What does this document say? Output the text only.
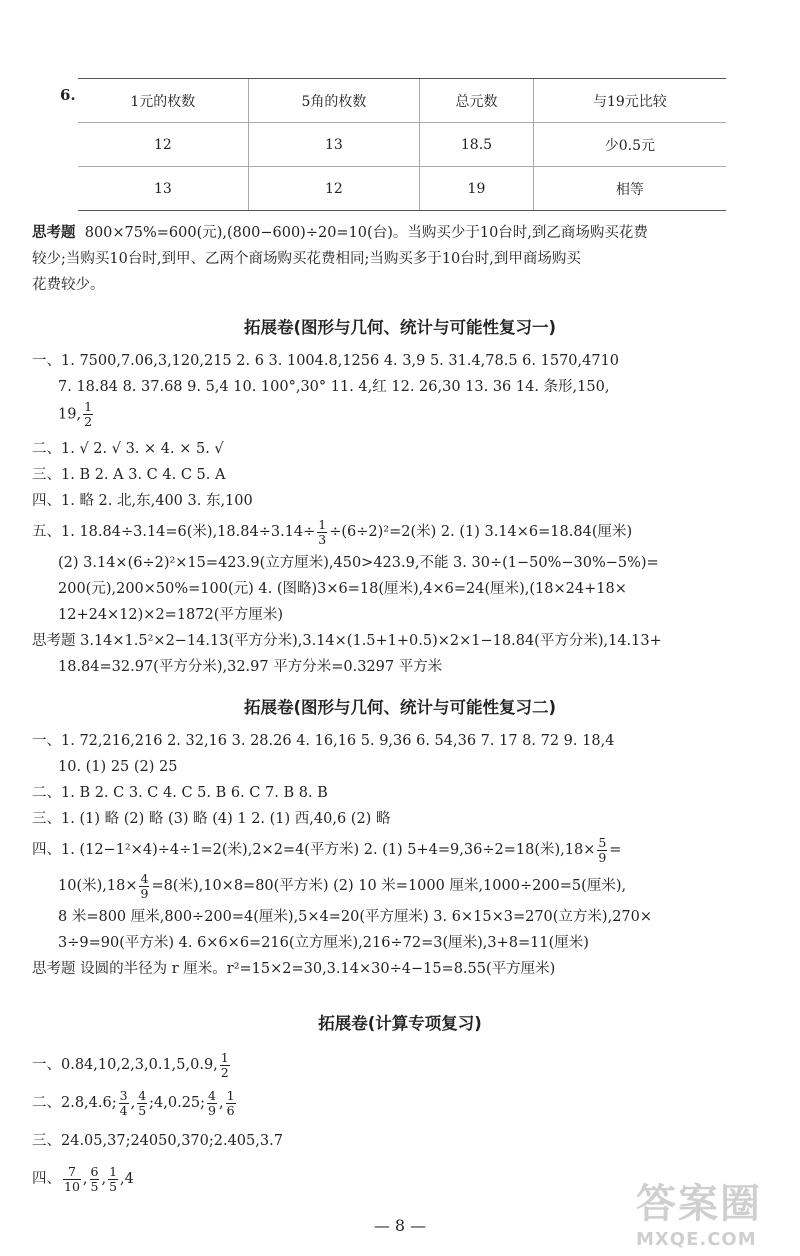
6.	1元的枚数	5角的枚数	总元数	与19元比较
12	13	18.5	少0.5元
13	12	19	相等
思考题 800×75%=600(元),(800−600)÷20=10(台)。当购买少于10台时,到乙商场购买花费
较少;当购买10台时,到甲、乙两个商场购买花费相同;当购买多于10台时,到甲商场购买
花费较少。
拓展卷(图形与几何、统计与可能性复习一)
一、1. 7500,7.06,3,120,215 2. 6 3. 1004.8,1256 4. 3,9 5. 31.4,78.5 6. 1570,4710
7. 18.84 8. 37.68 9. 5,4 10. 100°,30° 11. 4,红 12. 26,30 13. 36 14. 条形,150,
19, $\frac{1}{2}$
二、1. √ 2. √ 3. × 4. × 5. √
三、1. B 2. A 3. C 4. C 5. A
四、1. 略 2. 北,东,400 3. 东,100
五、1. 18.84÷3.14=6(米)$,18.84\div 3.14\div \frac{1}{3} \div(6\div 2)^2=2$(米) 2. (1) 3.14×6=18.84(厘米)
(2) 3.14×(6÷2)²×15=423.9(立方厘米),450>423.9,不能 3. 30÷(1−50%−30%−5%)=
200(元),200×50%=100(元) 4. (图略)3×6=18(厘米),4×6=24(厘米),(18×24+18×
12+24×12)×2=1872(平方厘米)
思考题 3.14×1.5²×2−14.13(平方分米),3.14×(1.5+1+0.5)×2×1−18.84(平方分米),14.13+
18.84=32.97(平方分米),32.97 平方分米=0.3297 平方米
拓展卷(图形与几何、统计与可能性复习二)
一、1. 72,216,216 2. 32,16 3. 28.26 4. 16,16 5. 9,36 6. 54,36 7. 17 8. 72 9. 18,4
10. (1) 25 (2) 25
二、1. B 2. C 3. C 4. C 5. B 6. C 7. B 8. B
三、1. (1) 略 (2) 略 (3) 略 (4) 1 2. (1) 西,40,6 (2) 略
四、1. (12−1²×4)÷4÷1=2(米),2×2=4(平方米) 2. (1) 5+4=9,36÷2=18(米)$,18\times \frac{5}{9}$ =
10(米)$,18\times \frac{4}{9} =8$(米),10×8=80(平方米) (2) 10 米=1000 厘米,1000÷200=5(厘米),
8 米=800 厘米,800÷200=4(厘米),5×4=20(平方厘米) 3. 6×15×3=270(立方米),270×
3÷9=90(平方米) 4. 6×6×6=216(立方厘米),216÷72=3(厘米),3+8=11(厘米)
思考题 设圆的半径为 r 厘米。r²=15×2=30,3.14×30÷4−15=8.55(平方厘米)
拓展卷(计算专项复习)
一、0.84,10,2,3,0.1,5,0.9, $\frac{1}{2}$
二、2.8,4.6; $\frac{3}{4}$ , $\frac{4}{5}$ ;4,0.25; $\frac{4}{9}$ , $\frac{1}{6}$
三、24.05,37;24050,370;2.405,3.7
四、 $\frac{7}{10}$ , $\frac{6}{5}$ , $\frac{1}{5} ,4$
— 8 —	答案圈
MXQE.COM
